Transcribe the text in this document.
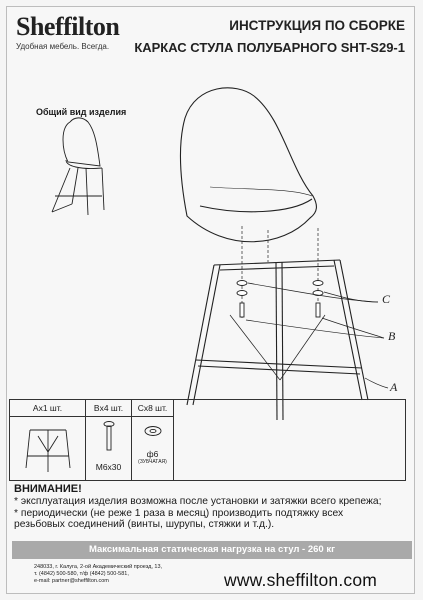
Sheffilton
Удобная мебель. Всегда.
ИНСТРУКЦИЯ ПО СБОРКЕ
КАРКАС СТУЛА ПОЛУБАРНОГО SHT-S29-1
Общий вид изделия
C
B
A
Ax1 шт.	Bx4 шт.
M6x30
Cx8 шт.
ф6
(ЗУБЧАТАЯ)
ВНИМАНИЕ!
* эксплуатация изделия возможна после установки и затяжки всего крепежа;
* периодически (не реже 1 раза в месяц) производить подтяжку всех
резьбовых соединений (винты, шурупы, стяжки и т.д.).
Максимальная статическая нагрузка на стул - 260 кг
248033, г. Калуга, 2-ой Академический проезд, 13,
т. (4842) 500-580, т/ф (4842) 500-581,
e-mail: partner@sheffilton.com	www.sheffilton.com
